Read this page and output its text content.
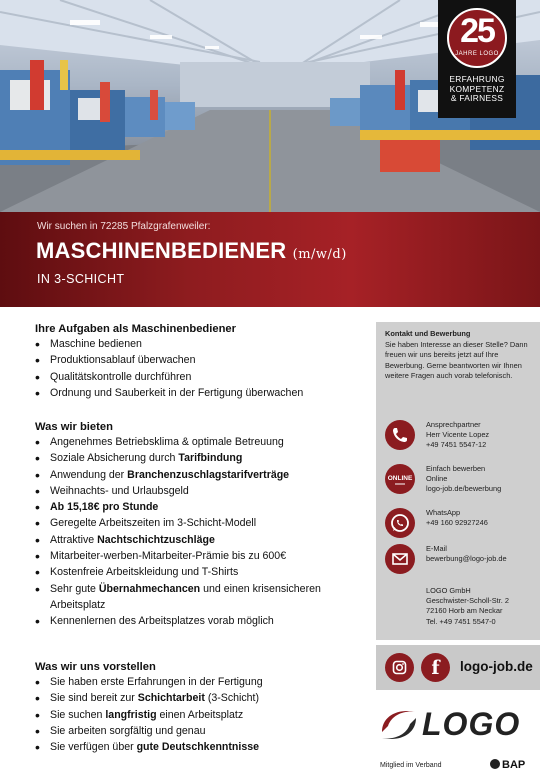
25
JAHRE LOGO
ERFAHRUNG
KOMPETENZ
& FAIRNESS
Wir suchen in 72285 Pfalzgrafenweiler:
MASCHINENBEDIENER (m/w/d)
IN 3-SCHICHT
Ihre Aufgaben als Maschinenbediener
• Maschine bedienen
• Produktionsablauf überwachen
• Qualitätskontrolle durchführen
• Ordnung und Sauberkeit in der Fertigung überwachen
Was wir bieten
• Angenehmes Betriebsklima & optimale Betreuung
• Soziale Absicherung durch Tarifbindung
• Anwendung der Branchenzuschlagstarifverträge
• Weihnachts- und Urlaubsgeld
• Ab 15,18€ pro Stunde
• Geregelte Arbeitszeiten im 3-Schicht-Modell
• Attraktive Nachtschichtzuschläge
• Mitarbeiter-werben-Mitarbeiter-Prämie bis zu 600€
• Kostenfreie Arbeitskleidung und T-Shirts
• Sehr gute Übernahmechancen und einen krisensicheren Arbeitsplatz
• Kennenlernen des Arbeitsplatzes vorab möglich
Was wir uns vorstellen
• Sie haben erste Erfahrungen in der Fertigung
• Sie sind bereit zur Schichtarbeit (3-Schicht)
• Sie suchen langfristig einen Arbeitsplatz
• Sie arbeiten sorgfältig und genau
• Sie verfügen über gute Deutschkenntnisse
Kontakt und Bewerbung
Sie haben Interesse an dieser Stelle? Dann freuen wir uns bereits jetzt auf Ihre Bewerbung. Gerne beantworten wir Ihnen weitere Fragen auch vorab telefonisch.
Ansprechpartner
Herr Vicente Lopez
+49 7451 5547-12
ONLINE
Einfach bewerben
Online
logo-job.de/bewerbung
WhatsApp
+49 160 92927246
E-Mail
bewerbung@logo-job.de
LOGO GmbH
Geschwister-Scholl-Str. 2
72160 Horb am Neckar
Tel. +49 7451 5547-0
f	logo-job.de
LOGO
Mitglied im Verband	BAP
